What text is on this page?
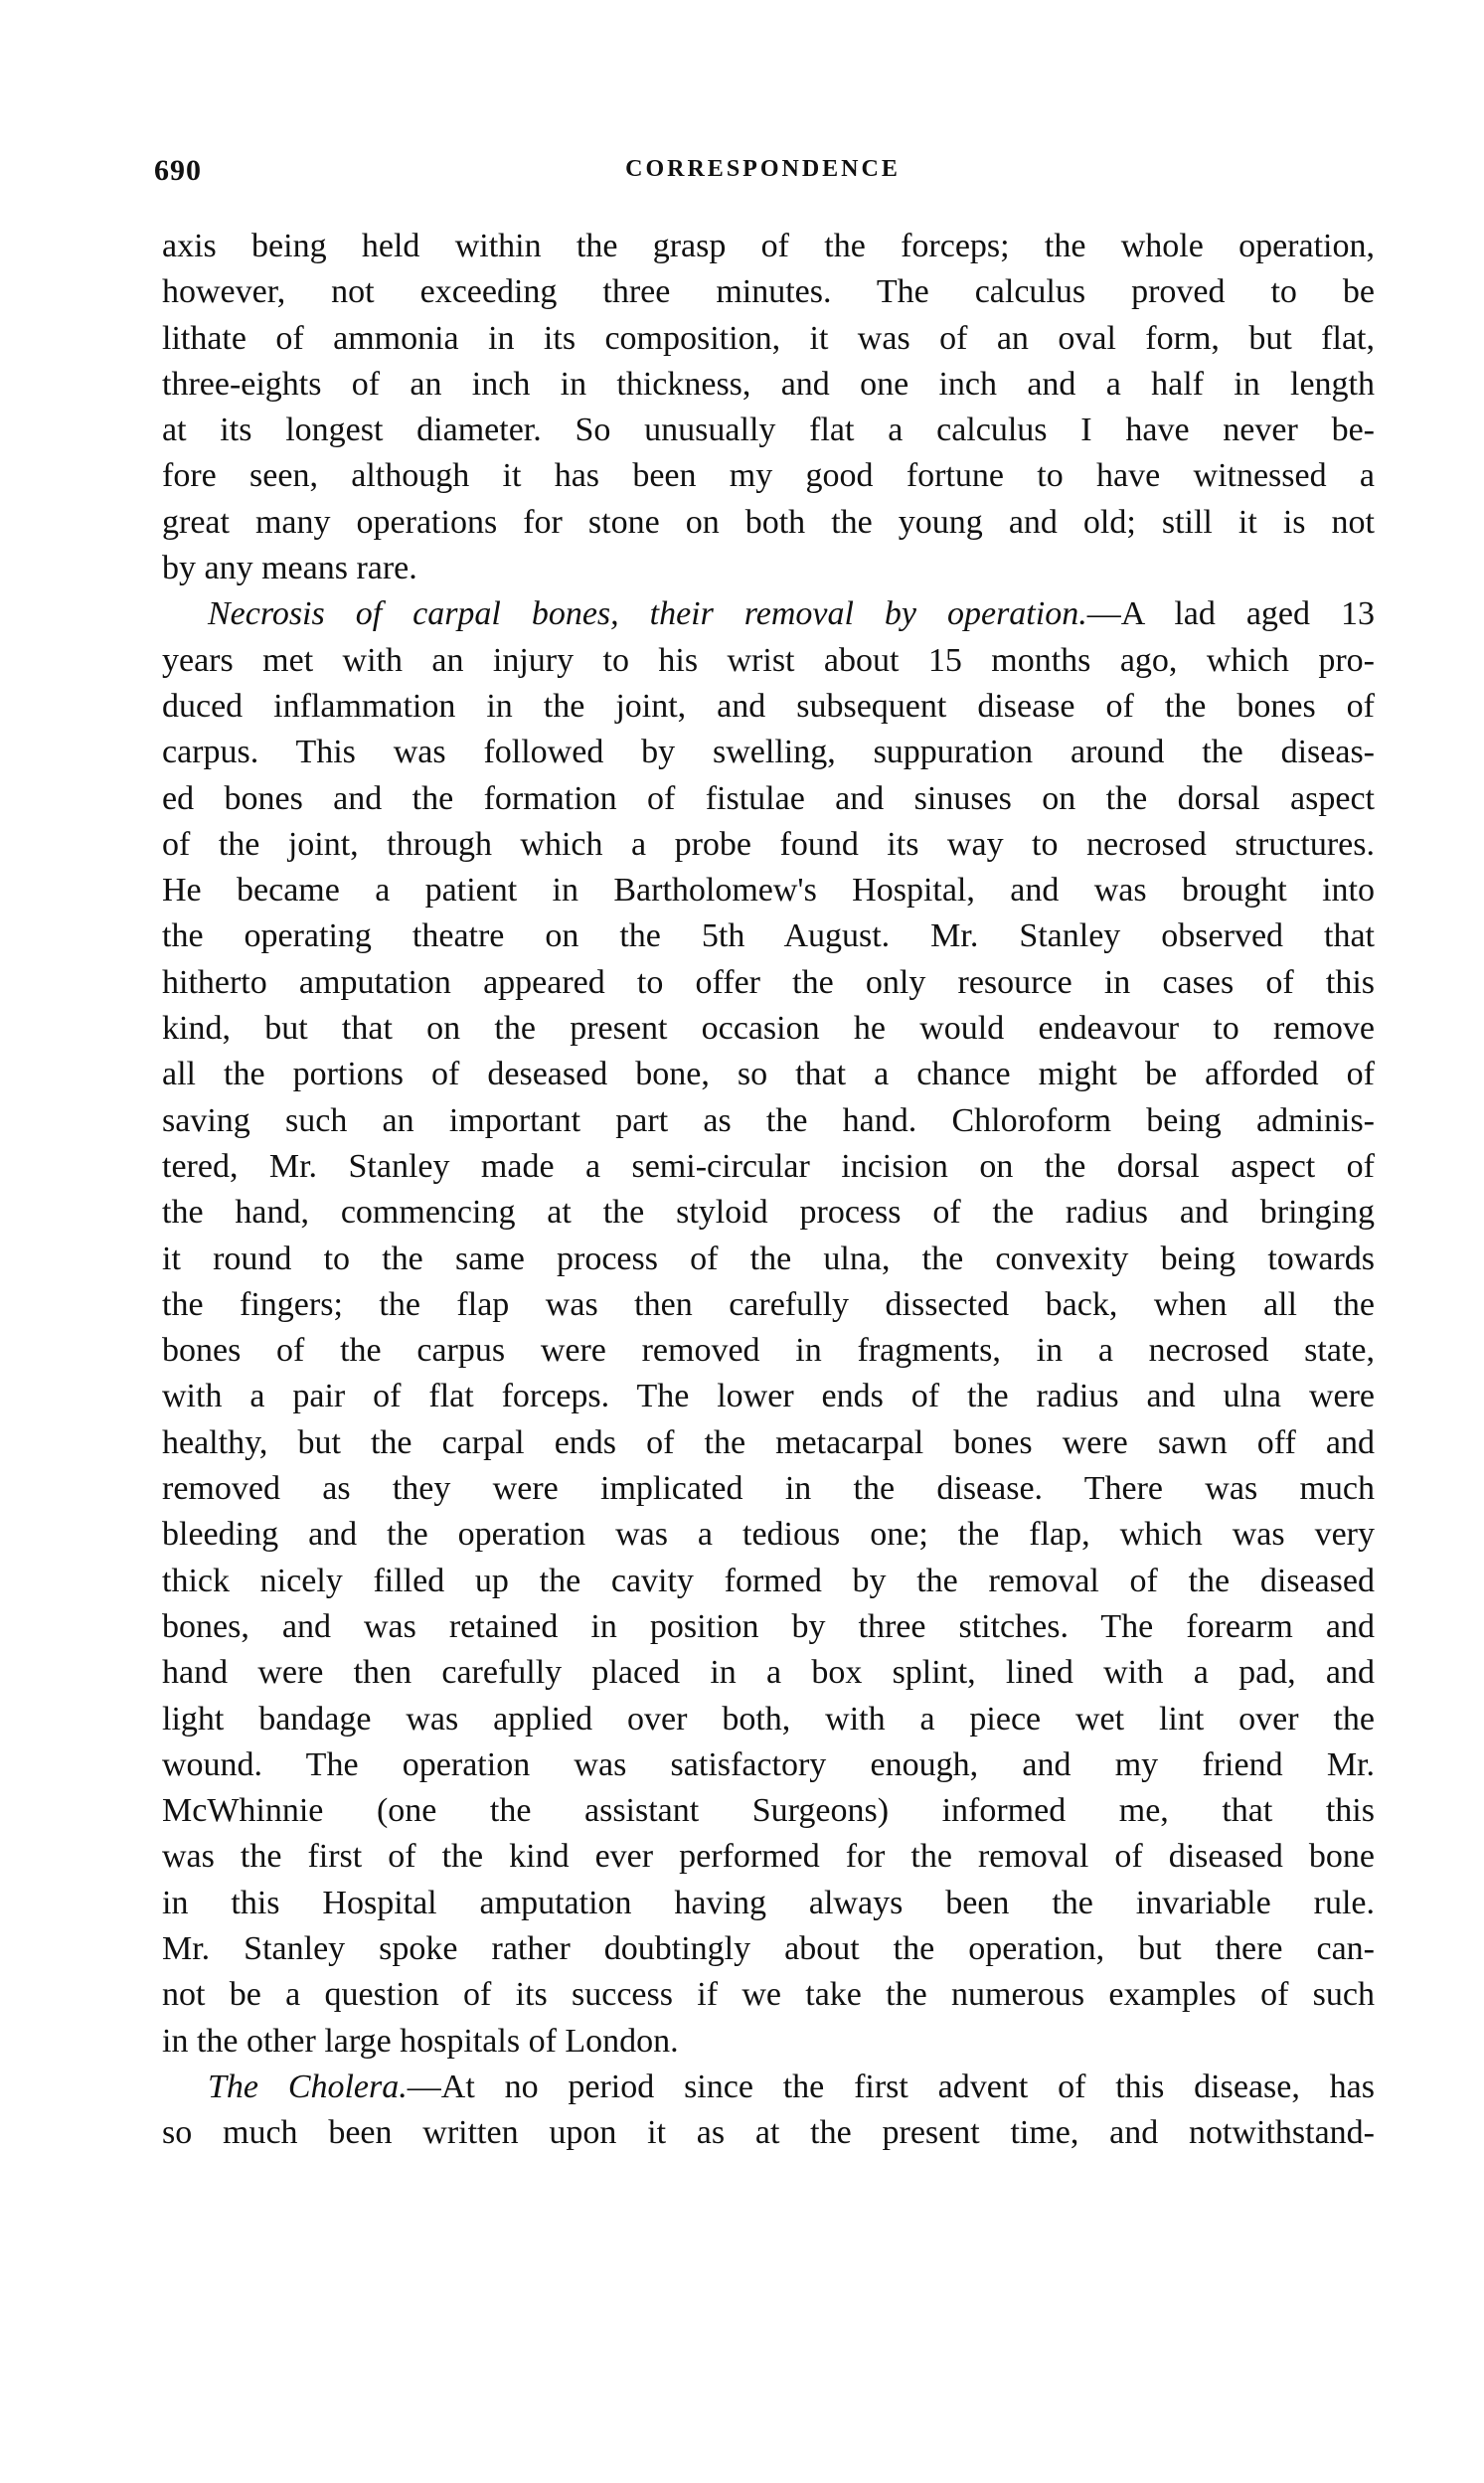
690	CORRESPONDENCE
axis being held within the grasp of the forceps; the whole operation,
however, not exceeding three minutes. The calculus proved to be
lithate of ammonia in its composition, it was of an oval form, but flat,
three-eights of an inch in thickness, and one inch and a half in length
at its longest diameter. So unusually flat a calculus I have never be-
fore seen, although it has been my good fortune to have witnessed a
great many operations for stone on both the young and old; still it is not
by any means rare.
Necrosis of carpal bones, their removal by operation.—A lad aged 13
years met with an injury to his wrist about 15 months ago, which pro-
duced inflammation in the joint, and subsequent disease of the bones of
carpus. This was followed by swelling, suppuration around the diseas-
ed bones and the formation of fistulae and sinuses on the dorsal aspect
of the joint, through which a probe found its way to necrosed structures.
He became a patient in Bartholomew's Hospital, and was brought into
the operating theatre on the 5th August. Mr. Stanley observed that
hitherto amputation appeared to offer the only resource in cases of this
kind, but that on the present occasion he would endeavour to remove
all the portions of deseased bone, so that a chance might be afforded of
saving such an important part as the hand. Chloroform being adminis-
tered, Mr. Stanley made a semi-circular incision on the dorsal aspect of
the hand, commencing at the styloid process of the radius and bringing
it round to the same process of the ulna, the convexity being towards
the fingers; the flap was then carefully dissected back, when all the
bones of the carpus were removed in fragments, in a necrosed state,
with a pair of flat forceps. The lower ends of the radius and ulna were
healthy, but the carpal ends of the metacarpal bones were sawn off and
removed as they were implicated in the disease. There was much
bleeding and the operation was a tedious one; the flap, which was very
thick nicely filled up the cavity formed by the removal of the diseased
bones, and was retained in position by three stitches. The forearm and
hand were then carefully placed in a box splint, lined with a pad, and
light bandage was applied over both, with a piece wet lint over the
wound. The operation was satisfactory enough, and my friend Mr.
McWhinnie (one the assistant Surgeons) informed me, that this
was the first of the kind ever performed for the removal of diseased bone
in this Hospital amputation having always been the invariable rule.
Mr. Stanley spoke rather doubtingly about the operation, but there can-
not be a question of its success if we take the numerous examples of such
in the other large hospitals of London.
The Cholera.—At no period since the first advent of this disease, has
so much been written upon it as at the present time, and notwithstand-
